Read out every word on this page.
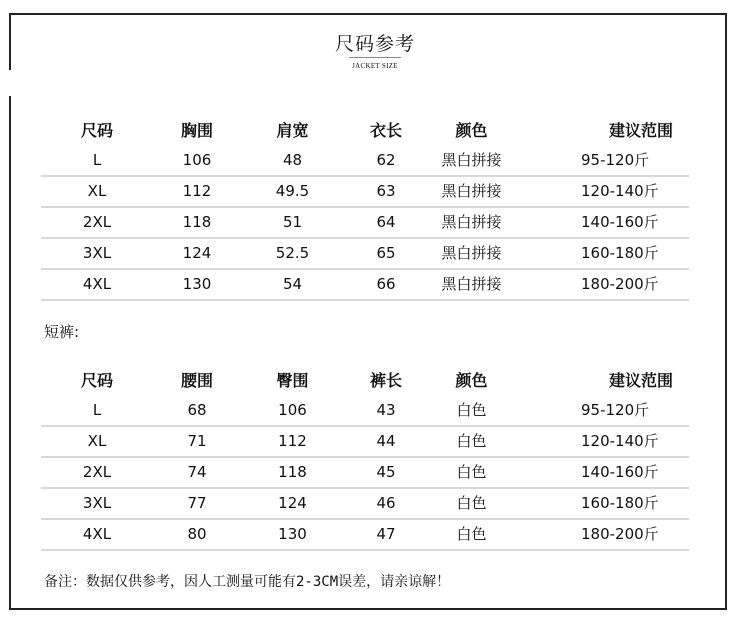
尺码参考
JACKET SIZE
尺码	胸围	肩宽	衣长	颜色	建议范围
L	106	48	62	黑白拼接	95-120斤
XL	112	49.5	63	黑白拼接	120-140斤
2XL	118	51	64	黑白拼接	140-160斤
3XL	124	52.5	65	黑白拼接	160-180斤
4XL	130	54	66	黑白拼接	180-200斤
短裤:
尺码	腰围	臀围	裤长	颜色	建议范围
L	68	106	43	白色	95-120斤
XL	71	112	44	白色	120-140斤
2XL	74	118	45	白色	140-160斤
3XL	77	124	46	白色	160-180斤
4XL	80	130	47	白色	180-200斤
备注：数据仅供参考，因人工测量可能有2-3CM误差，请亲谅解！
